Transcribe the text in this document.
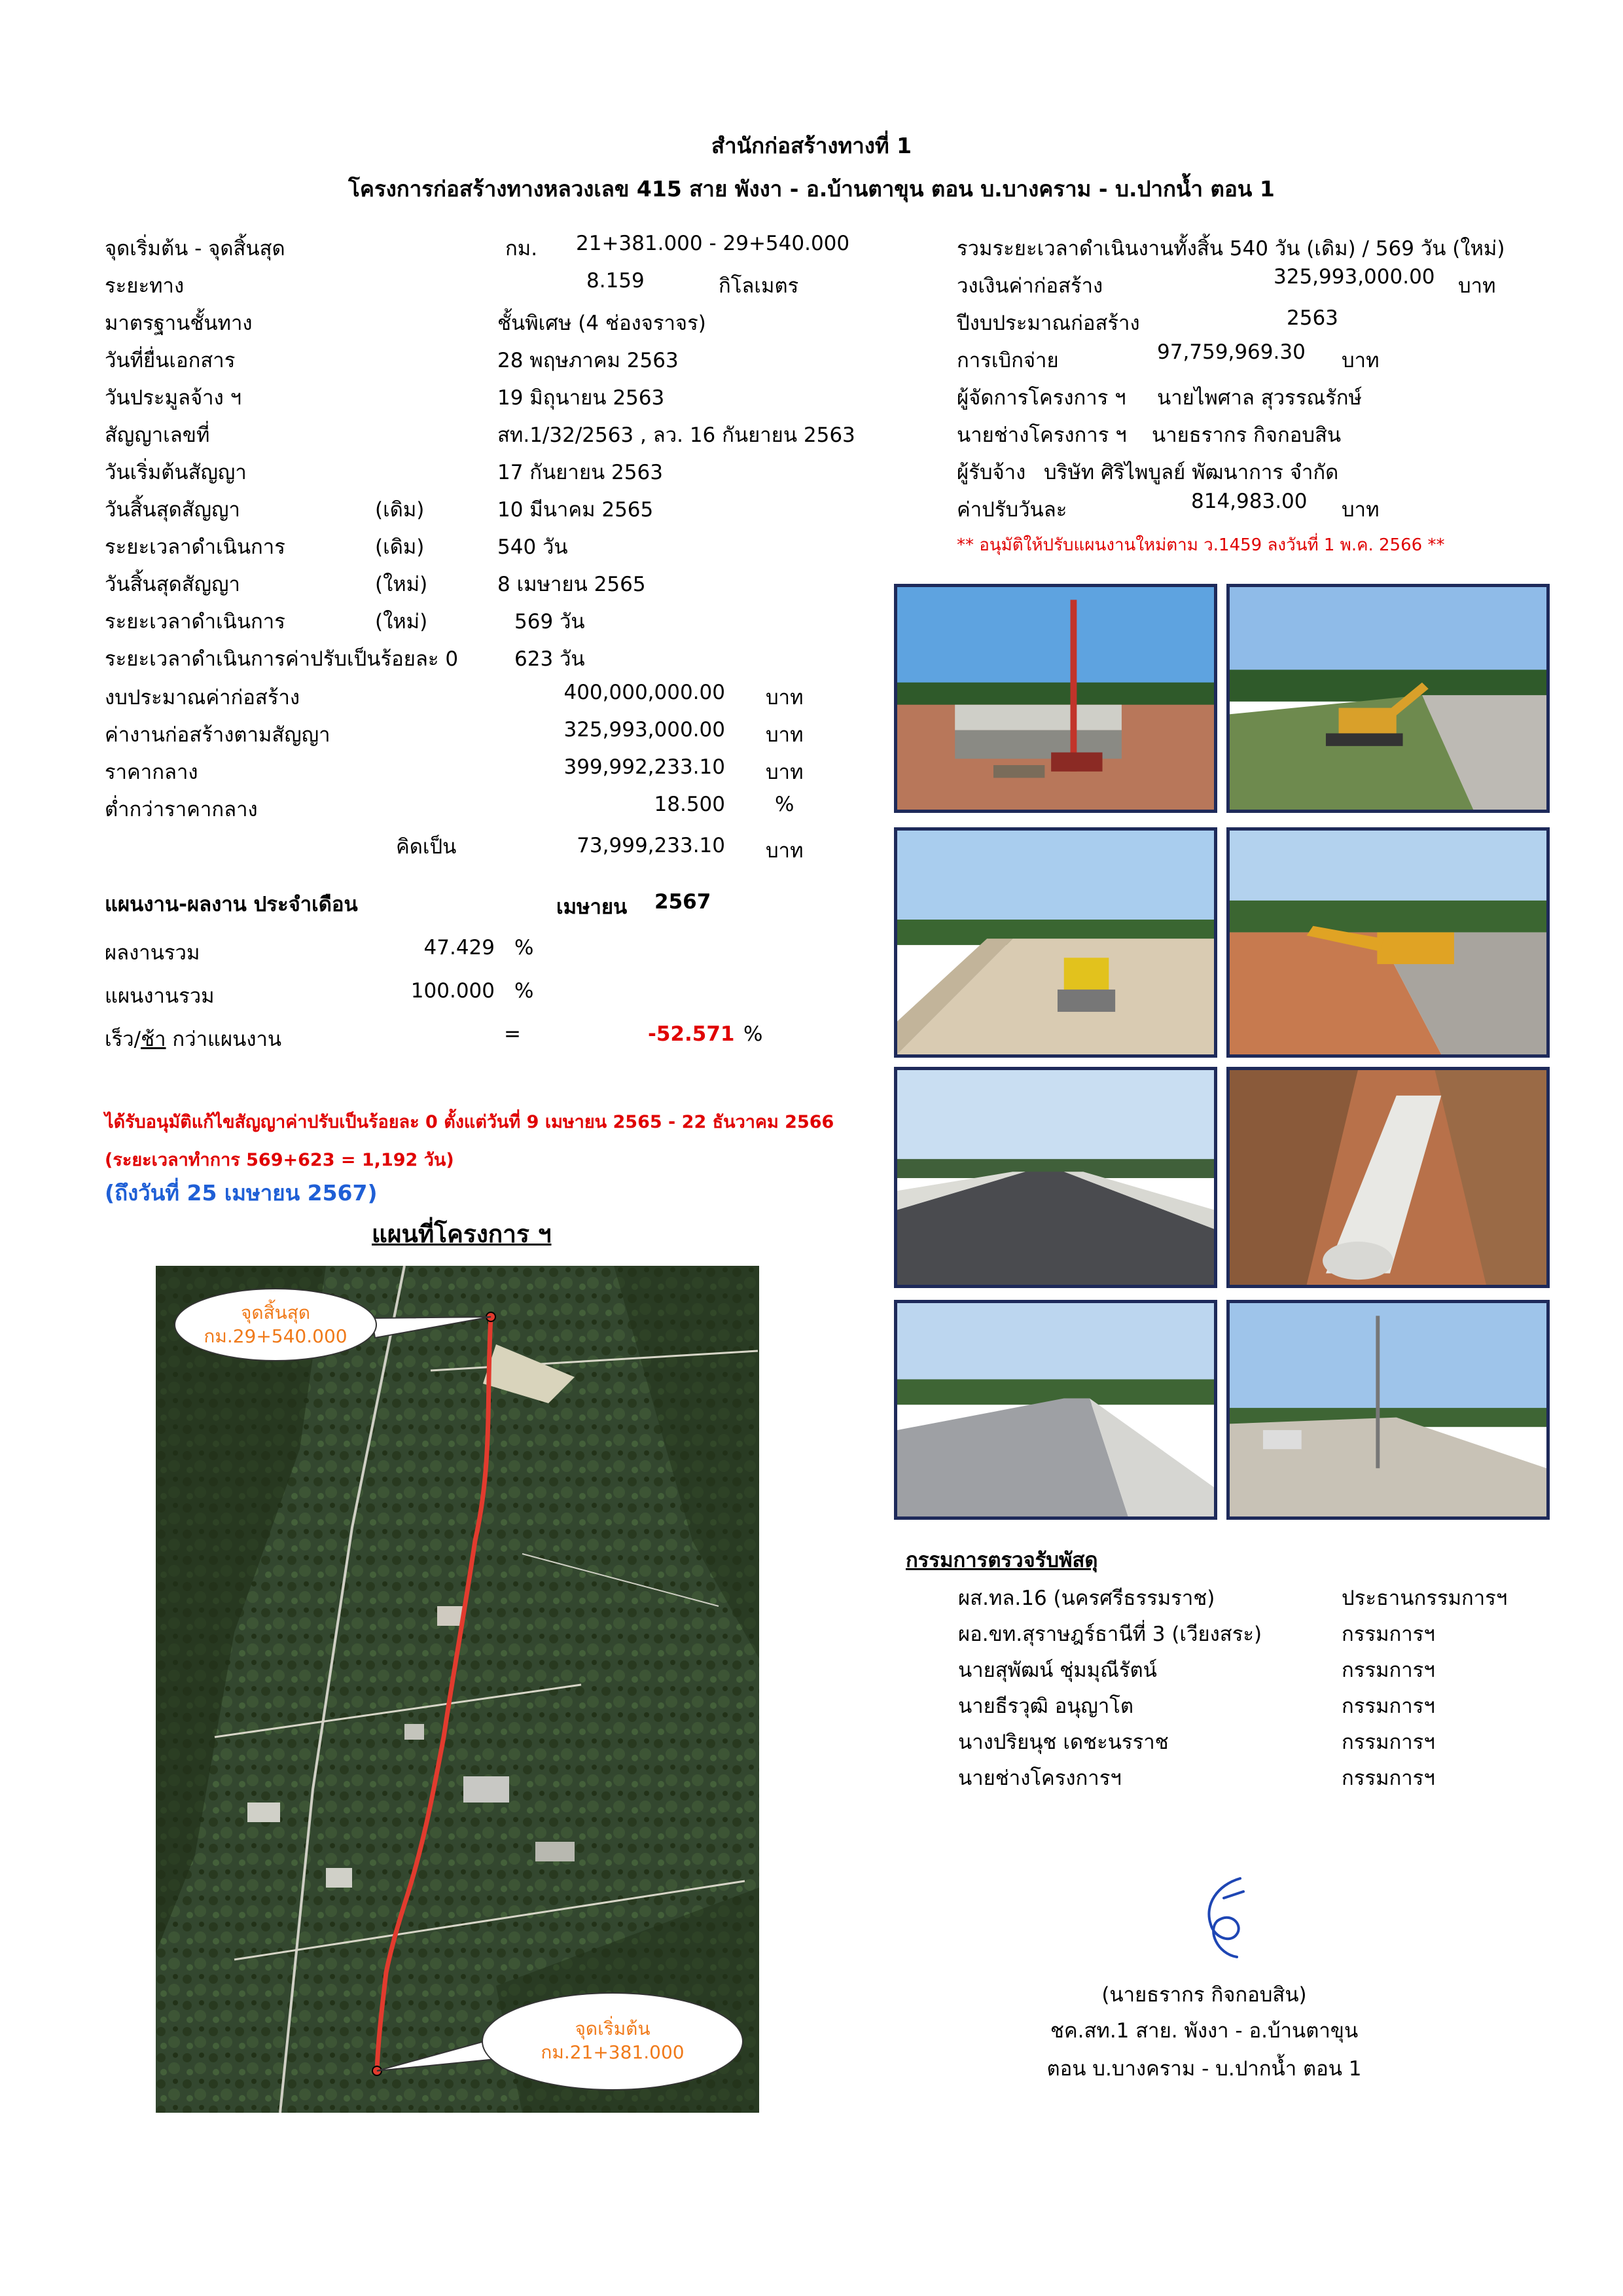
สำนักก่อสร้างทางที่ 1
โครงการก่อสร้างทางหลวงเลข 415 สาย พังงา - อ.บ้านตาขุน ตอน บ.บางคราม - บ.ปากน้ำ ตอน 1
จุดเริ่มต้น - จุดสิ้นสุด	กม. 21+381.000 - 29+540.000
ระยะทาง	8.159	กิโลเมตร
มาตรฐานชั้นทาง	ชั้นพิเศษ (4 ช่องจราจร)
วันที่ยื่นเอกสาร	28 พฤษภาคม 2563
วันประมูลจ้าง ฯ	19 มิถุนายน 2563
สัญญาเลขที่	สท.1/32/2563 , ลว. 16 กันยายน 2563
วันเริ่มต้นสัญญา	17 กันยายน 2563
วันสิ้นสุดสัญญา	(เดิม)	10 มีนาคม 2565
ระยะเวลาดำเนินการ	(เดิม)	540 วัน
วันสิ้นสุดสัญญา	(ใหม่)	8 เมษายน 2565
ระยะเวลาดำเนินการ	(ใหม่)	569 วัน
ระยะเวลาดำเนินการค่าปรับเป็นร้อยละ 0	623 วัน
งบประมาณค่าก่อสร้าง	400,000,000.00 บาท
ค่างานก่อสร้างตามสัญญา	325,993,000.00 บาท
ราคากลาง	399,992,233.10 บาท
ต่ำกว่าราคากลาง	18.500 %
คิดเป็น	73,999,233.10 บาท
แผนงาน-ผลงาน ประจำเดือน	เมษายน 2567
ผลงานรวม	47.429 %
แผนงานรวม	100.000 %
เร็ว/ช้า กว่าแผนงาน	=	-52.571 %
ได้รับอนุมัติแก้ไขสัญญาค่าปรับเป็นร้อยละ 0 ตั้งแต่วันที่ 9 เมษายน 2565 - 22 ธันวาคม 2566
(ระยะเวลาทำการ 569+623 = 1,192 วัน)
(ถึงวันที่ 25 เมษายน 2567)
แผนที่โครงการ ฯ
จุดสิ้นสุด
กม.29+540.000
จุดเริ่มต้น
กม.21+381.000
รวมระยะเวลาดำเนินงานทั้งสิ้น 540 วัน (เดิม) / 569 วัน (ใหม่)
วงเงินค่าก่อสร้าง	325,993,000.00 บาท
ปีงบประมาณก่อสร้าง	2563
การเบิกจ่าย	97,759,969.30 บาท
ผู้จัดการโครงการ ฯ นายไพศาล สุวรรณรักษ์
นายช่างโครงการ ฯ นายธรากร กิจกอบสิน
ผู้รับจ้าง บริษัท ศิริไพบูลย์ พัฒนาการ จำกัด
ค่าปรับวันละ	814,983.00 บาท
** อนุมัติให้ปรับแผนงานใหม่ตาม ว.1459 ลงวันที่ 1 พ.ค. 2566 **
กรรมการตรวจรับพัสดุ
ผส.ทล.16 (นครศรีธรรมราช)	ประธานกรรมการฯ
ผอ.ขท.สุราษฎร์ธานีที่ 3 (เวียงสระ)	กรรมการฯ
นายสุพัฒน์ ชุ่มมุณีรัตน์	กรรมการฯ
นายธีรวุฒิ อนุญาโต	กรรมการฯ
นางปริยนุช เดชะนรราช	กรรมการฯ
นายช่างโครงการฯ	กรรมการฯ
(นายธรากร กิจกอบสิน)
ชค.สท.1 สาย. พังงา - อ.บ้านตาขุน
ตอน บ.บางคราม - บ.ปากน้ำ ตอน 1
